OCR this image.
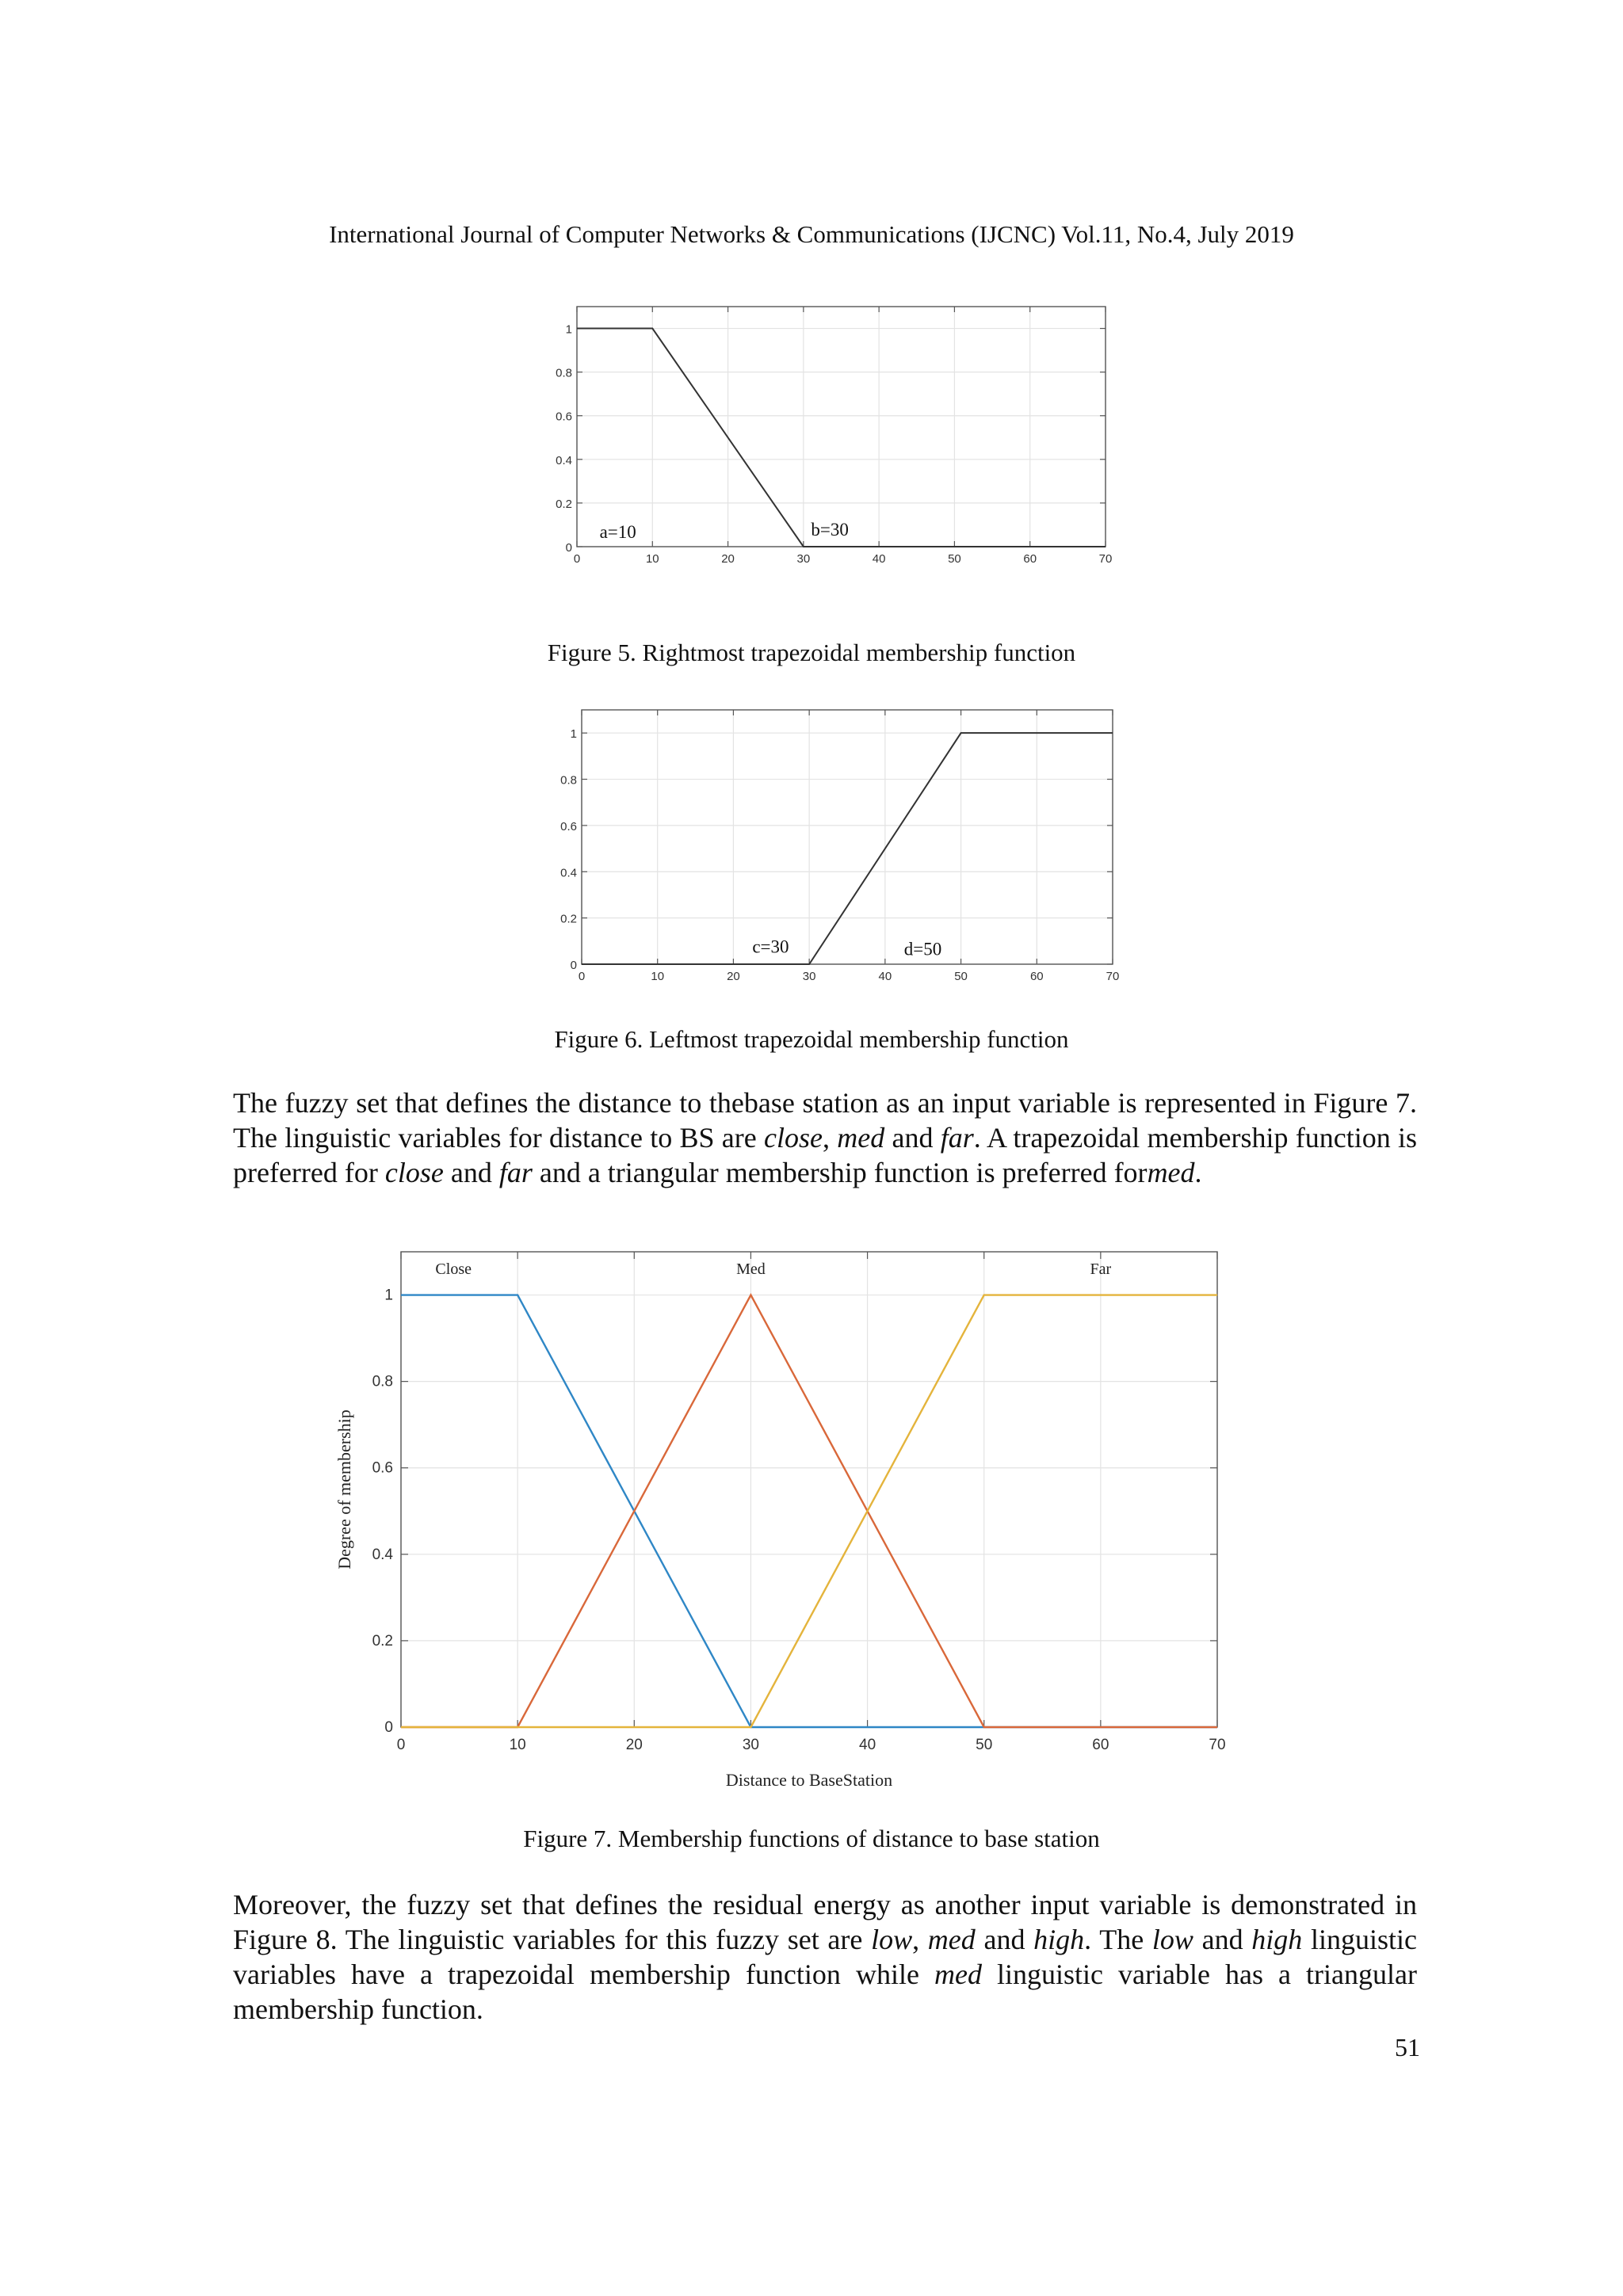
International Journal of Computer Networks & Communications (IJCNC) Vol.11, No.4, July 2019
0	10	20	30	40	50	60	70
0
0.2
0.4
0.6
0.8
1
a=10	b=30
Figure 5. Rightmost trapezoidal membership function
0	10	20	30	40	50	60	70
0
0.2
0.4
0.6
0.8
1
c=30	d=50
Figure 6. Leftmost trapezoidal membership function
The fuzzy set that defines the distance to thebase station as an input variable is represented in Figure 7. The linguistic variables for distance to BS are close, med and far. A trapezoidal membership function is preferred for close and far and a triangular membership function is preferred formed.
0	10	20	30	40	50	60	70
0
0.2
0.4
0.6
0.8
1
Close	Med	Far
Distance to BaseStation
Degree of membership
Figure 7. Membership functions of distance to base station
Moreover, the fuzzy set that defines the residual energy as another input variable is demonstrated in Figure 8. The linguistic variables for this fuzzy set are low, med and high. The low and high linguistic variables have a trapezoidal membership function while med linguistic variable has a triangular membership function.
51
